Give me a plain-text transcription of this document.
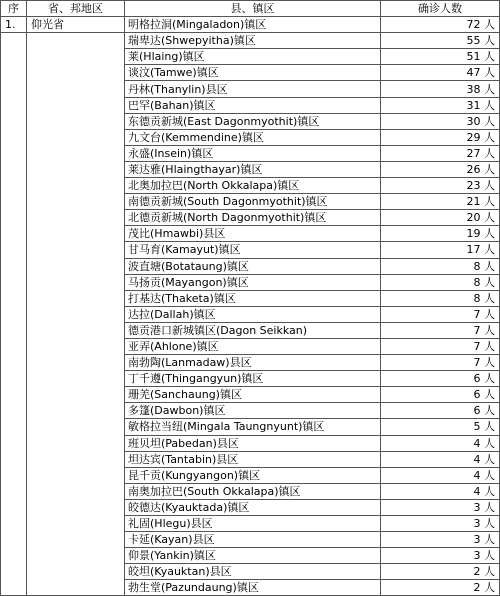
序	省、邦地区	县、镇区	确诊人数
1.	仰光省	明格拉洞(Mingaladon)镇区	72 人
		瑞卑达(Shwepyitha)镇区	55 人
		莱(Hlaing)镇区	51 人
		谈汶(Tamwe)镇区	47 人
		丹林(Thanylin)县区	38 人
		巴罕(Bahan)镇区	31 人
		东德贡新城(East Dagonmyothit)镇区	30 人
		九文台(Kemmendine)镇区	29 人
		永盛(Insein)镇区	27 人
		莱达雅(Hlaingthayar)镇区	26 人
		北奥加拉巴(North Okkalapa)镇区	23 人
		南德贡新城(South Dagonmyothit)镇区	21 人
		北德贡新城(North Dagonmyothit)镇区	20 人
		茂比(Hmawbi)县区	19 人
		甘马育(Kamayut)镇区	17 人
		波直塘(Botataung)镇区	8 人
		马扬贡(Mayangon)镇区	8 人
		打基达(Thaketa)镇区	8 人
		达拉(Dallah)镇区	7 人
		德贡港口新城镇区(Dagon Seikkan)	7 人
		亚弄(Ahlone)镇区	7 人
		南勃陶(Lanmadaw)县区	7 人
		丁千遵(Thingangyun)镇区	6 人
		珊羌(Sanchaung)镇区	6 人
		多篷(Dawbon)镇区	6 人
		敏格拉当纽(Mingala Taungnyunt)镇区	5 人
		班贝坦(Pabedan)县区	4 人
		坦达宾(Tantabin)县区	4 人
		昆千贡(Kungyangon)镇区	4 人
		南奥加拉巴(South Okkalapa)镇区	4 人
		皎德达(Kyauktada)镇区	3 人
		礼固(Hlegu)县区	3 人
		卡延(Kayan)县区	3 人
		仰景(Yankin)镇区	3 人
		皎坦(Kyauktan)县区	2 人
		勃生堂(Pazundaung)镇区	2 人
